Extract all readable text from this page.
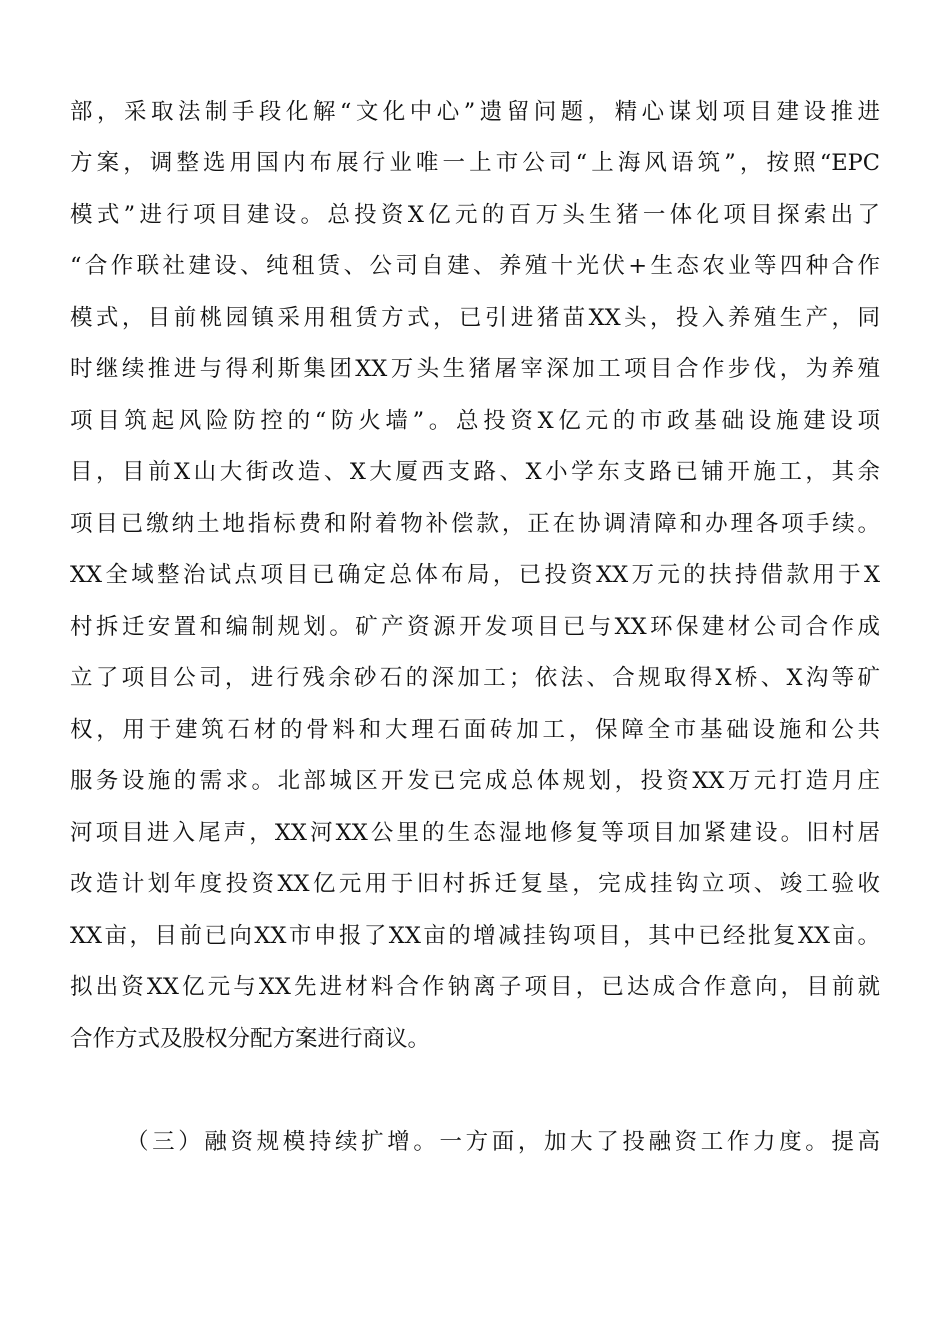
部，采取法制手段化解“文化中心”遗留问题，精心谋划项目建设推进
方案，调整选用国内布展行业唯一上市公司“上海风语筑”，按照“EPC
模式”进行项目建设。总投资X亿元的百万头生猪一体化项目探索出了
“合作联社建设、纯租赁、公司自建、养殖十光伏+生态农业等四种合作
模式，目前桃园镇采用租赁方式，已引进猪苗XX头，投入养殖生产，同
时继续推进与得利斯集团XX万头生猪屠宰深加工项目合作步伐，为养殖
项目筑起风险防控的“防火墙”。总投资X亿元的市政基础设施建设项
目，目前X山大街改造、X大厦西支路、X小学东支路已铺开施工，其余
项目已缴纳土地指标费和附着物补偿款，正在协调清障和办理各项手续。
XX全域整治试点项目已确定总体布局，已投资XX万元的扶持借款用于X
村拆迁安置和编制规划。矿产资源开发项目已与XX环保建材公司合作成
立了项目公司，进行残余砂石的深加工；依法、合规取得X桥、X沟等矿
权，用于建筑石材的骨料和大理石面砖加工，保障全市基础设施和公共
服务设施的需求。北部城区开发已完成总体规划，投资XX万元打造月庄
河项目进入尾声，XX河XX公里的生态湿地修复等项目加紧建设。旧村居
改造计划年度投资XX亿元用于旧村拆迁复垦，完成挂钩立项、竣工验收
XX亩，目前已向XX市申报了XX亩的增减挂钩项目，其中已经批复XX亩。
拟出资XX亿元与XX先进材料合作钠离子项目，已达成合作意向，目前就
合作方式及股权分配方案进行商议。
（三）融资规模持续扩增。一方面，加大了投融资工作力度。提高
